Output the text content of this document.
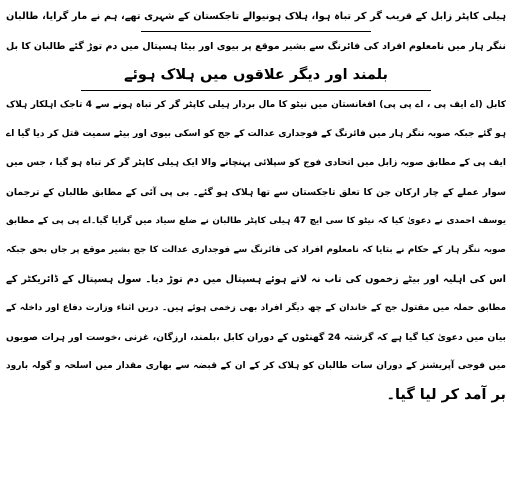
ہیلی کاپٹر زابل کے قریب گر کر تباہ ہوا، ہلاک ہونیوالے تاجکستان کے شہری تھے، ہم نے مار گرایا، طالبان
ننگر ہار میں نامعلوم افراد کی فائرنگ سے بشیر موقع پر بیوی اور بیٹا ہسپتال میں دم توڑ گئے طالبان کا بل
بلمند اور دیگر علاقوں میں ہلاک ہوئے
کابل (اے ایف پی ، اے پی پی) افغانستان میں نیٹو کا مال بردار ہیلی کاپٹر گر کر تباہ ہونے سے 4 تاجک اہلکار ہلاک
ہو گئے جبکہ صوبہ ننگر ہار میں فائرنگ کے فوجداری عدالت کے جج کو اسکی بیوی اور بیٹے سمیت قتل کر دیا گیا اے
ایف پی کے مطابق صوبہ زابل میں اتحادی فوج کو سپلائی پہنچانے والا ایک ہیلی کاپٹر گر کر تباہ ہو گیا ، جس میں
سوار عملے کے چار ارکان جن کا تعلق تاجکستان سے تھا ہلاک ہو گئے۔ بی پی آئی کے مطابق طالبان کے ترجمان
یوسف احمدی نے دعویٰ کیا کہ نیٹو کا سی ایچ 47 ہیلی کاپٹر طالبان نے ضلع سیاد میں گرایا گیا۔اے پی پی کے مطابق
صوبہ ننگر ہار کے حکام نے بتایا کہ نامعلوم افراد کی فائرنگ سے فوجداری عدالت کا جج بشیر موقع پر جاں بحق جبکہ
اس کی اہلیہ اور بیٹے زخموں کی تاب نہ لاتے ہوئے ہسپتال میں دم توڑ دیا۔ سول ہسپتال کے ڈائریکٹر کے
مطابق حملہ میں مقتول جج کے خاندان کے چھ دیگر افراد بھی زخمی ہوئے ہیں۔ دریں اثناء وزارت دفاع اور داخلہ کے
بیان میں دعویٰ کیا گیا ہے کہ گزشتہ 24 گھنٹوں کے دوران کابل ،بلمند، ارزگان، غزنی ،خوست اور ہرات صوبوں
میں فوجی آپریشنز کے دوران سات طالبان کو ہلاک کر کے ان کے قبضہ سے بھاری مقدار میں اسلحہ و گولہ بارود
بر آمد کر لیا گیا۔
